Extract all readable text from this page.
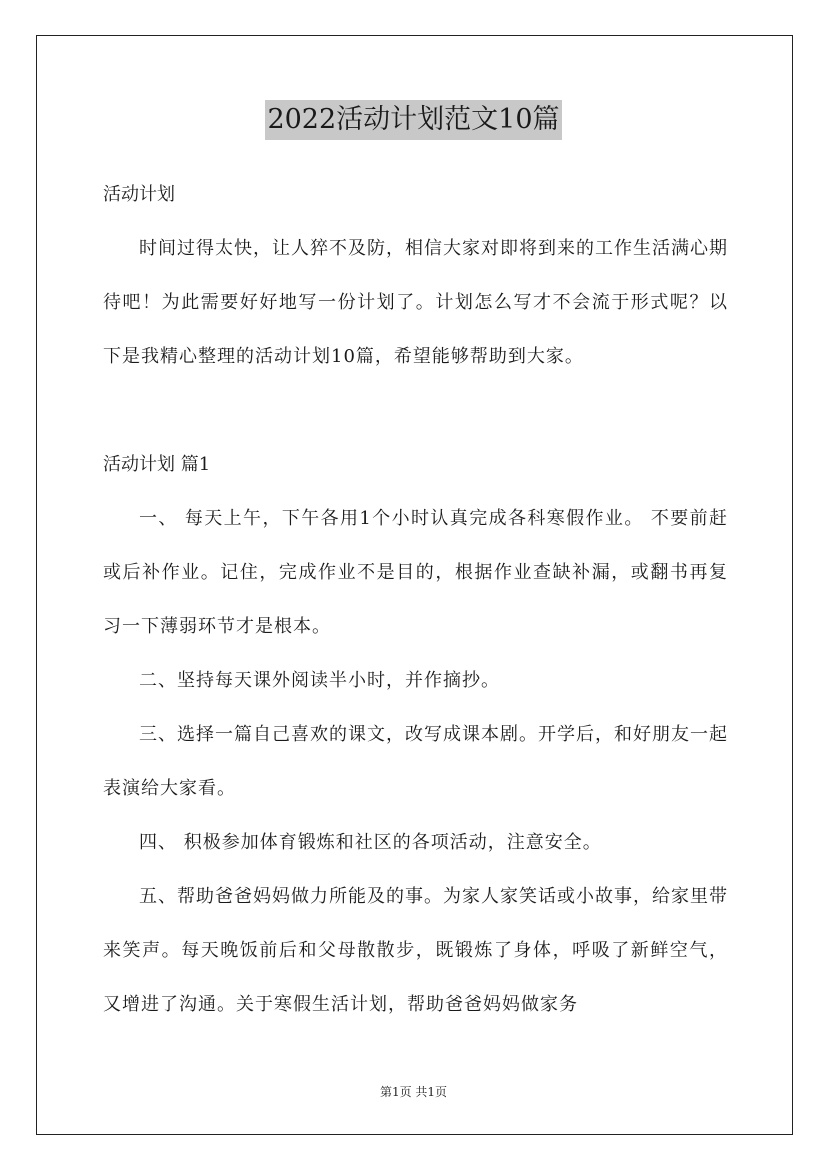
2022活动计划范文10篇

活动计划

时间过得太快，让人猝不及防，相信大家对即将到来的工作生活满心期待吧！为此需要好好地写一份计划了。计划怎么写才不会流于形式呢？以下是我精心整理的活动计划10篇，希望能够帮助到大家。

活动计划 篇1

一、 每天上午，下午各用1个小时认真完成各科寒假作业。 不要前赶或后补作业。记住，完成作业不是目的，根据作业查缺补漏，或翻书再复习一下薄弱环节才是根本。

二、坚持每天课外阅读半小时，并作摘抄。

三、选择一篇自己喜欢的课文，改写成课本剧。开学后，和好朋友一起表演给大家看。

四、 积极参加体育锻炼和社区的各项活动，注意安全。

五、帮助爸爸妈妈做力所能及的事。为家人家笑话或小故事，给家里带来笑声。每天晚饭前后和父母散散步，既锻炼了身体，呼吸了新鲜空气，又增进了沟通。关于寒假生活计划，帮助爸爸妈妈做家务

第1页 共1页
